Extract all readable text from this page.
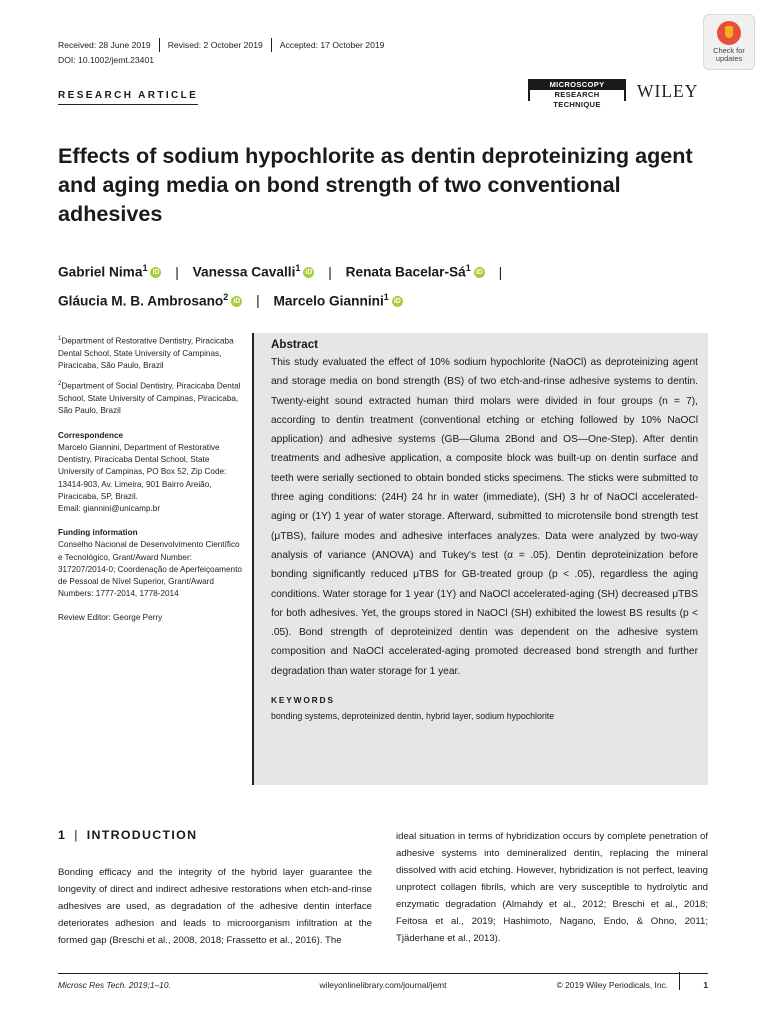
Received: 28 June 2019	Revised: 2 October 2019	Accepted: 17 October 2019
DOI: 10.1002/jemt.23401
Check for
updates
RESEARCH ARTICLE
MICROSCOPY
RESEARCH TECHNIQUE
WILEY
Effects of sodium hypochlorite as dentin deproteinizing agent and aging media on bond strength of two conventional adhesives
Gabriel Nima$^1$ iD | Vanessa Cavalli$^1$ iD | Renata Bacelar-$Sá^1$ iD |
Gláucia M. B. Ambrosano$^2$ iD | Marcelo Giannini$^1$ iD
$^1$Department of Restorative Dentistry, Piracicaba Dental School, State University of Campinas, Piracicaba, São Paulo, Brazil
$^2$Department of Social Dentistry, Piracicaba Dental School, State University of Campinas, Piracicaba, São Paulo, Brazil
Correspondence
Marcelo Giannini, Department of Restorative Dentistry, Piracicaba Dental School, State University of Campinas, PO Box 52, Zip Code: 13414-903, Av. Limeira, 901 Bairro Areião, Piracicaba, SP, Brazil.
Email: giannini@unicamp.br
Funding information
Conselho Nacional de Desenvolvimento Científico e Tecnológico, Grant/Award Number: 317207/2014-0; Coordenação de Aperfeiçoamento de Pessoal de Nível Superior, Grant/Award Numbers: 1777-2014, 1778-2014
Review Editor: George Perry
Abstract

This study evaluated the effect of 10% sodium hypochlorite (NaOCl) as deproteinizing agent and storage media on bond strength (BS) of two etch-and-rinse adhesive systems to dentin. Twenty-eight sound extracted human third molars were divided in four groups (n = 7), according to dentin treatment (conventional etching or etching followed by 10% NaOCl application) and adhesive systems (GB—Gluma 2Bond and OS—One-Step). After dentin treatments and adhesive application, a composite block was built-up on dentin surface and teeth were serially sectioned to obtain bonded sticks specimens. The sticks were submitted to three aging conditions: (24H) 24 hr in water (immediate), (SH) 3 hr of NaOCl accelerated-aging or (1Y) 1 year of water storage. Afterward, submitted to microtensile bond strength test (μTBS), failure modes and adhesive interfaces analyzes. Data were analyzed by two-way analysis of variance (ANOVA) and Tukey's test (α = .05). Dentin deproteinization before bonding significantly reduced μTBS for GB-treated group (p < .05), regardless the aging conditions. Water storage for 1 year (1Y) and NaOCl accelerated-aging (SH) decreased μTBS for both adhesives. Yet, the groups stored in NaOCl (SH) exhibited the lowest BS results (p < .05). Bond strength of deproteinized dentin was dependent on the adhesive system composition and NaOCl accelerated-aging promoted decreased bond strength and further degradation than water storage for 1 year.

KEYWORDS
bonding systems, deproteinized dentin, hybrid layer, sodium hypochlorite
1 | INTRODUCTION

Bonding efficacy and the integrity of the hybrid layer guarantee the longevity of direct and indirect adhesive restorations when etch-and-rinse adhesives are used, as degradation of the adhesive dentin interface deteriorates adhesion and leads to microorganism infiltration at the formed gap (Breschi et al., 2008, 2018; Frassetto et al., 2016). The

ideal situation in terms of hybridization occurs by complete penetration of adhesive systems into demineralized dentin, replacing the mineral dissolved with acid etching. However, hybridization is not perfect, leaving unprotect collagen fibrils, which are very susceptible to hydrolytic and enzymatic degradation (Almahdy et al., 2012; Breschi et al., 2018; Feitosa et al., 2019; Hashimoto, Nagano, Endo, & Ohno, 2011; Tjäderhane et al., 2013).

Microsc Res Tech. 2019;1–10.	wileyonlinelibrary.com/journal/jemt	© 2019 Wiley Periodicals, Inc.	1
